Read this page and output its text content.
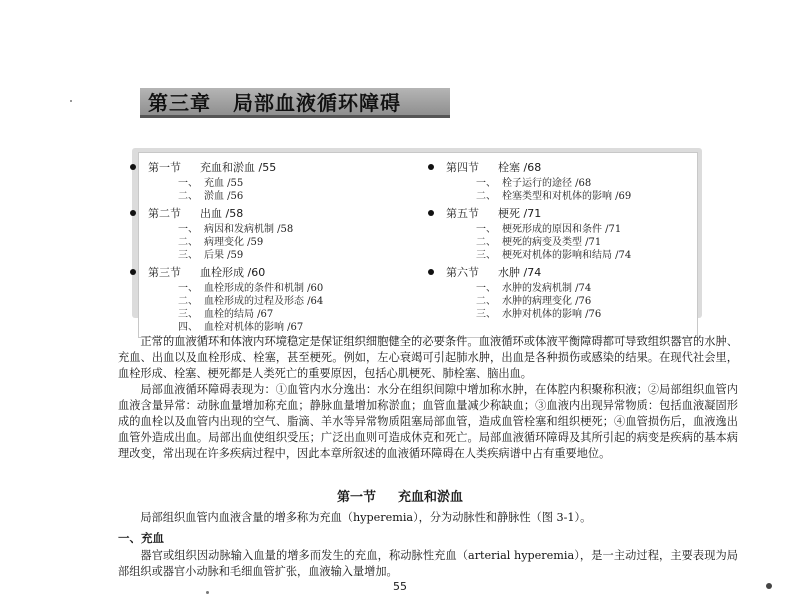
第三章 局部血液循环障碍
第一节	充血和淤血 /55
一、 充血 /55
二、 淤血 /56
第二节	出血 /58
一、 病因和发病机制 /58
二、 病理变化 /59
三、 后果 /59
第三节	血栓形成 /60
一、 血栓形成的条件和机制 /60
二、 血栓形成的过程及形态 /64
三、 血栓的结局 /67
四、 血栓对机体的影响 /67
第四节	栓塞 /68
一、 栓子运行的途径 /68
二、 栓塞类型和对机体的影响 /69
第五节	梗死 /71
一、 梗死形成的原因和条件 /71
二、 梗死的病变及类型 /71
三、 梗死对机体的影响和结局 /74
第六节	水肿 /74
一、 水肿的发病机制 /74
二、 水肿的病理变化 /76
三、 水肿对机体的影响 /76

正常的血液循环和体液内环境稳定是保证组织细胞健全的必要条件。血液循环或体液平衡障碍都可导致组织器官的水肿、充血、出血以及血栓形成、栓塞，甚至梗死。例如，左心衰竭可引起肺水肿，出血是各种损伤或感染的结果。在现代社会里，血栓形成、栓塞、梗死都是人类死亡的重要原因，包括心肌梗死、肺栓塞、脑出血。

局部血液循环障碍表现为：①血管内水分逸出：水分在组织间隙中增加称水肿，在体腔内积聚称积液；②局部组织血管内血液含量异常：动脉血量增加称充血；静脉血量增加称淤血；血管血量减少称缺血；③血液内出现异常物质：包括血液凝固形成的血栓以及血管内出现的空气、脂滴、羊水等异常物质阻塞局部血管，造成血管栓塞和组织梗死；④血管损伤后，血液逸出血管外造成出血。局部出血使组织受压；广泛出血则可造成休克和死亡。局部血液循环障碍及其所引起的病变是疾病的基本病理改变，常出现在许多疾病过程中，因此本章所叙述的血液循环障碍在人类疾病谱中占有重要地位。

第一节 充血和淤血

局部组织血管内血液含量的增多称为充血（hyperemia），分为动脉性和静脉性（图 3-1）。

一、充血

器官或组织因动脉输入血量的增多而发生的充血，称动脉性充血（arterial hyperemia），是一主动过程，主要表现为局部组织或器官小动脉和毛细血管扩张，血液输入量增加。

55
